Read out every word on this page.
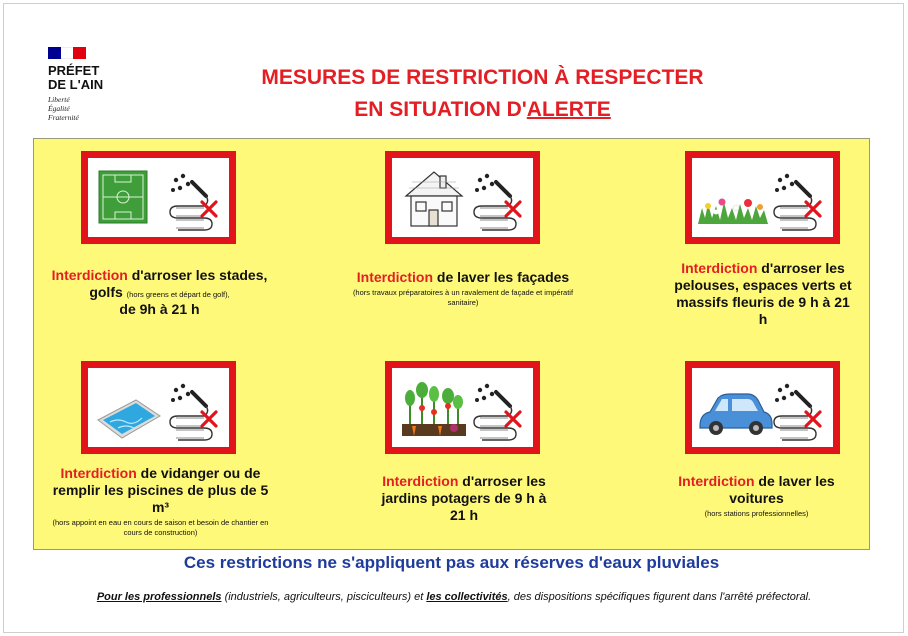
PRÉFET
DE L'AIN
Liberté
Égalité
Fraternité
MESURES DE RESTRICTION À RESPECTER
EN SITUATION D'ALERTE
Interdiction d'arroser les stades, golfs (hors greens et départ de golf),
de 9h à 21 h
Interdiction de laver les façades
(hors travaux préparatoires à un ravalement de façade et impératif sanitaire)
Interdiction d'arroser les pelouses, espaces verts et massifs fleuris de 9 h à 21 h
Interdiction de vidanger ou de remplir les piscines de plus de 5 m³
(hors appoint en eau en cours de saison et besoin de chantier en cours de construction)
Interdiction d'arroser les jardins potagers de 9 h à 21 h
Interdiction de laver les voitures
(hors stations professionnelles)
Ces restrictions ne s'appliquent pas aux réserves d'eaux pluviales
Pour les professionnels (industriels, agriculteurs, pisciculteurs) et les collectivités, des dispositions spécifiques figurent dans l'arrêté préfectoral.
